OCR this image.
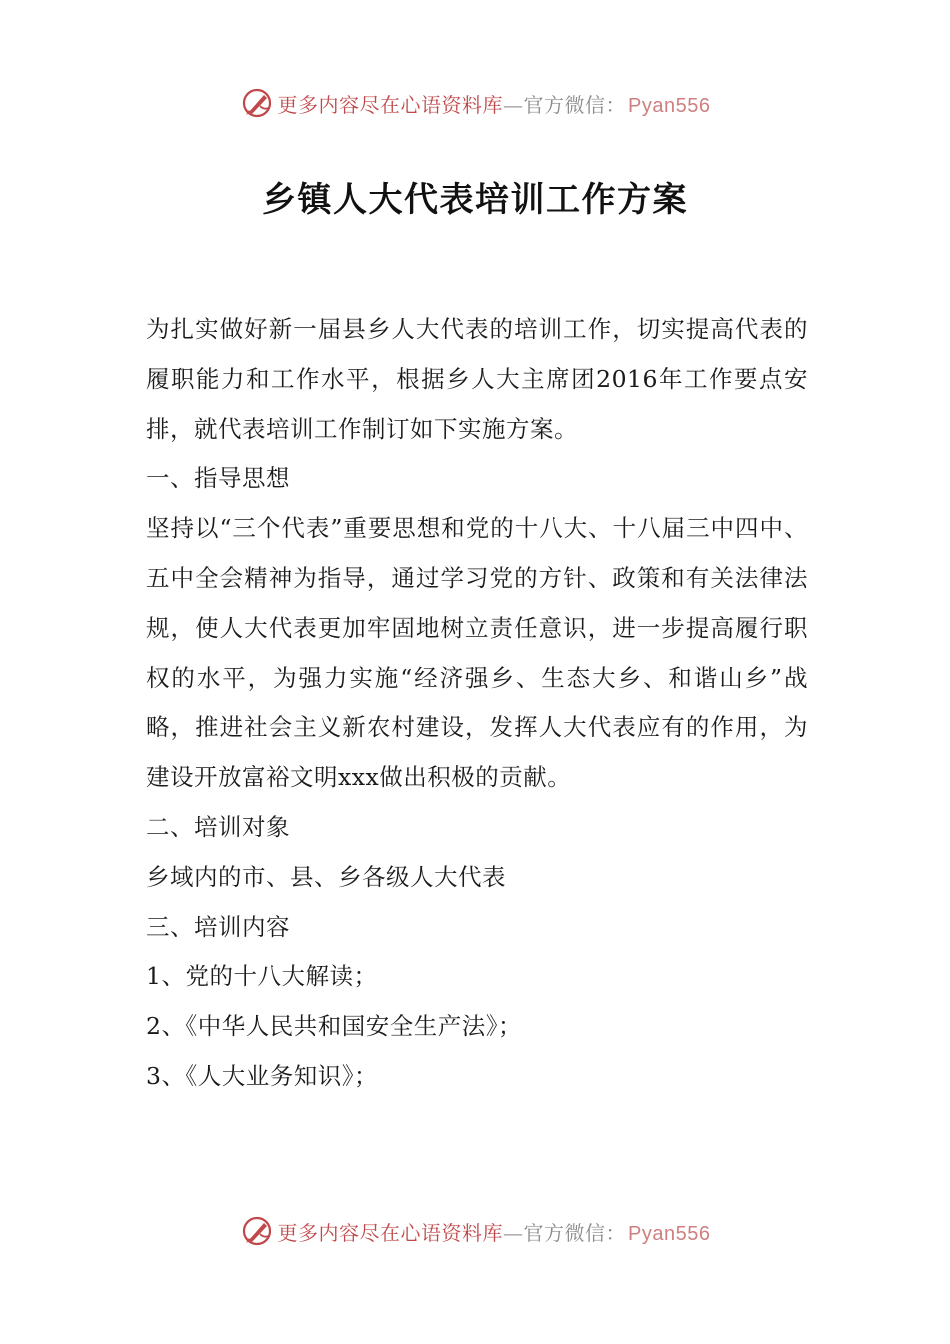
更多内容尽在心语资料库—官方微信： Pyan556
乡镇人大代表培训工作方案

为扎实做好新一届县乡人大代表的培训工作，切实提高代表的履职能力和工作水平，根据乡人大主席团2016年工作要点安排，就代表培训工作制订如下实施方案。

一、指导思想

坚持以“三个代表”重要思想和党的十八大、十八届三中四中、五中全会精神为指导，通过学习党的方针、政策和有关法律法规，使人大代表更加牢固地树立责任意识，进一步提高履行职权的水平，为强力实施“经济强乡、生态大乡、和谐山乡”战略，推进社会主义新农村建设，发挥人大代表应有的作用，为建设开放富裕文明xxx做出积极的贡献。

二、培训对象

乡域内的市、县、乡各级人大代表

三、培训内容

1、党的十八大解读；

2、《中华人民共和国安全生产法》；

3、《人大业务知识》；

更多内容尽在心语资料库—官方微信： Pyan556
